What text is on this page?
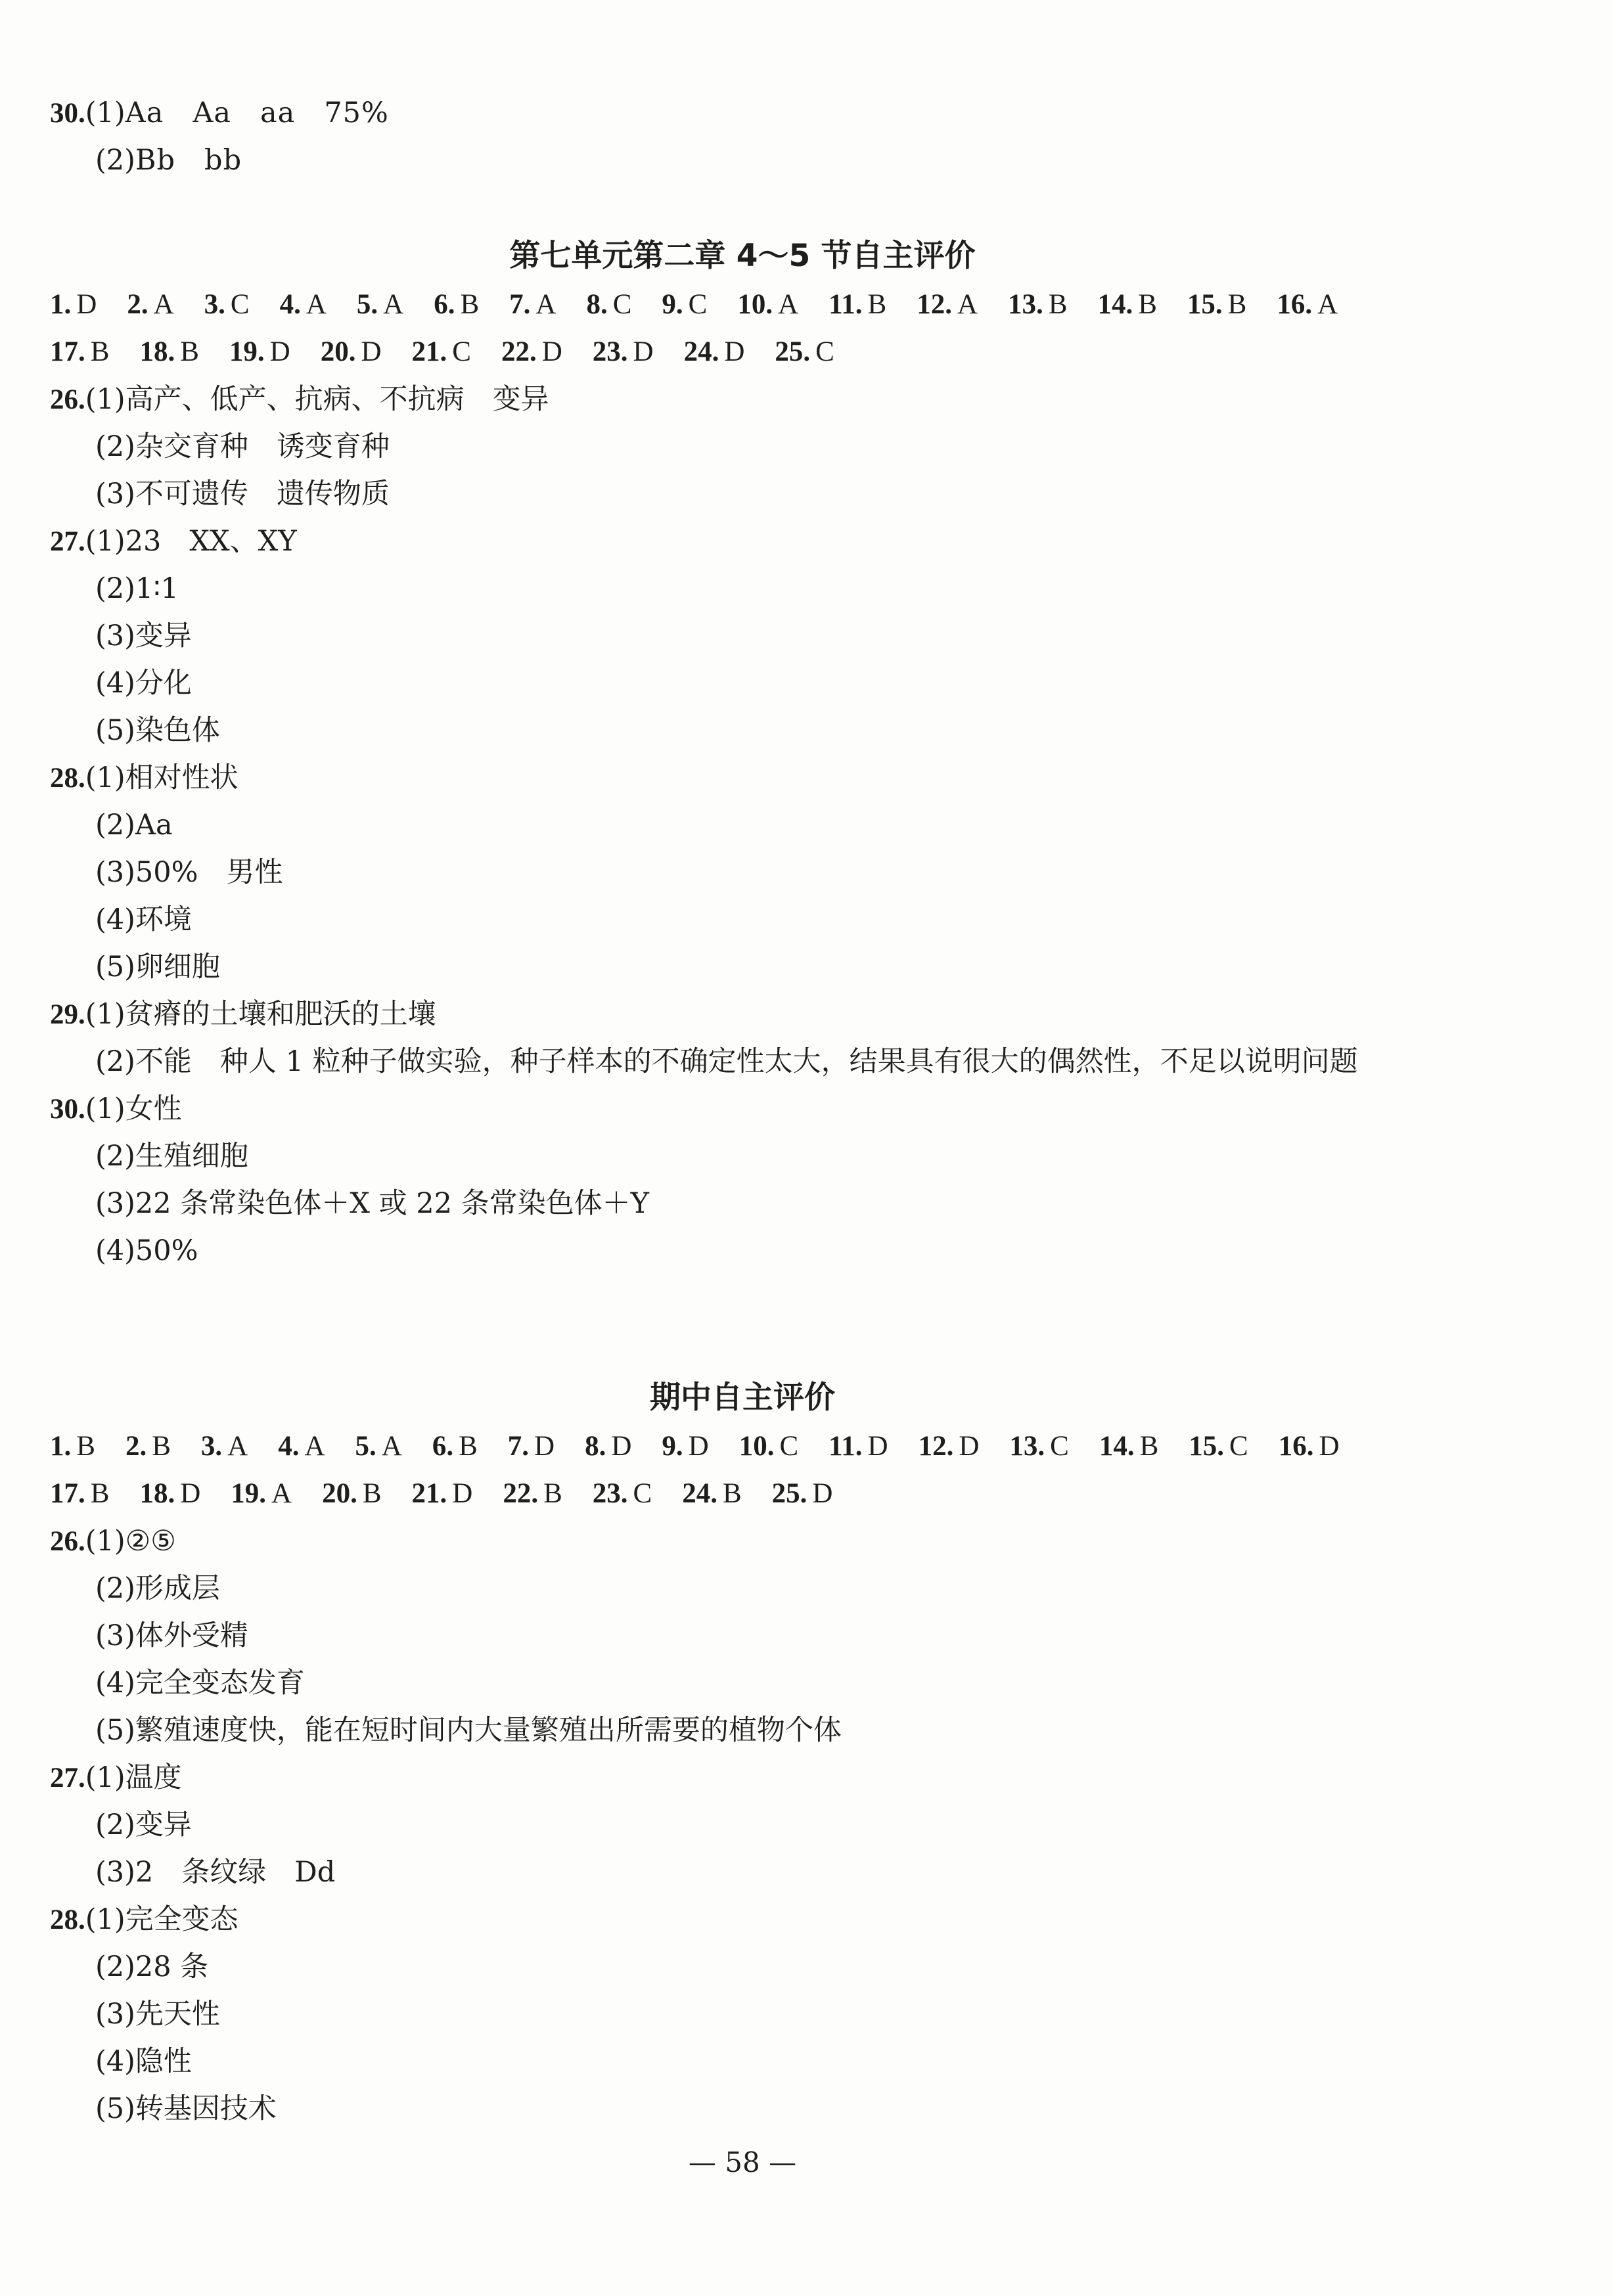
30.(1)Aa　Aa　aa　75%
(2)Bb　bb
第七单元第二章 4～5 节自主评价
1. D 2. A 3. C 4. A 5. A 6. B 7. A 8. C 9. C 10. A 11. B 12. A 13. B 14. B 15. B 16. A
17. B 18. B 19. D 20. D 21. C 22. D 23. D 24. D 25. C
26.(1)高产、低产、抗病、不抗病　变异
(2)杂交育种　诱变育种
(3)不可遗传　遗传物质
27.(1)23　XX、XY
(2)1∶1
(3)变异
(4)分化
(5)染色体
28.(1)相对性状
(2)Aa
(3)50%　男性
(4)环境
(5)卵细胞
29.(1)贫瘠的土壤和肥沃的土壤
(2)不能　种人 1 粒种子做实验，种子样本的不确定性太大，结果具有很大的偶然性，不足以说明问题
30.(1)女性
(2)生殖细胞
(3)22 条常染色体＋X 或 22 条常染色体＋Y
(4)50%
期中自主评价
1. B 2. B 3. A 4. A 5. A 6. B 7. D 8. D 9. D 10. C 11. D 12. D 13. C 14. B 15. C 16. D
17. B 18. D 19. A 20. B 21. D 22. B 23. C 24. B 25. D
26.(1)②⑤
(2)形成层
(3)体外受精
(4)完全变态发育
(5)繁殖速度快，能在短时间内大量繁殖出所需要的植物个体
27.(1)温度
(2)变异
(3)2　条纹绿　Dd
28.(1)完全变态
(2)28 条
(3)先天性
(4)隐性
(5)转基因技术
— 58 —
